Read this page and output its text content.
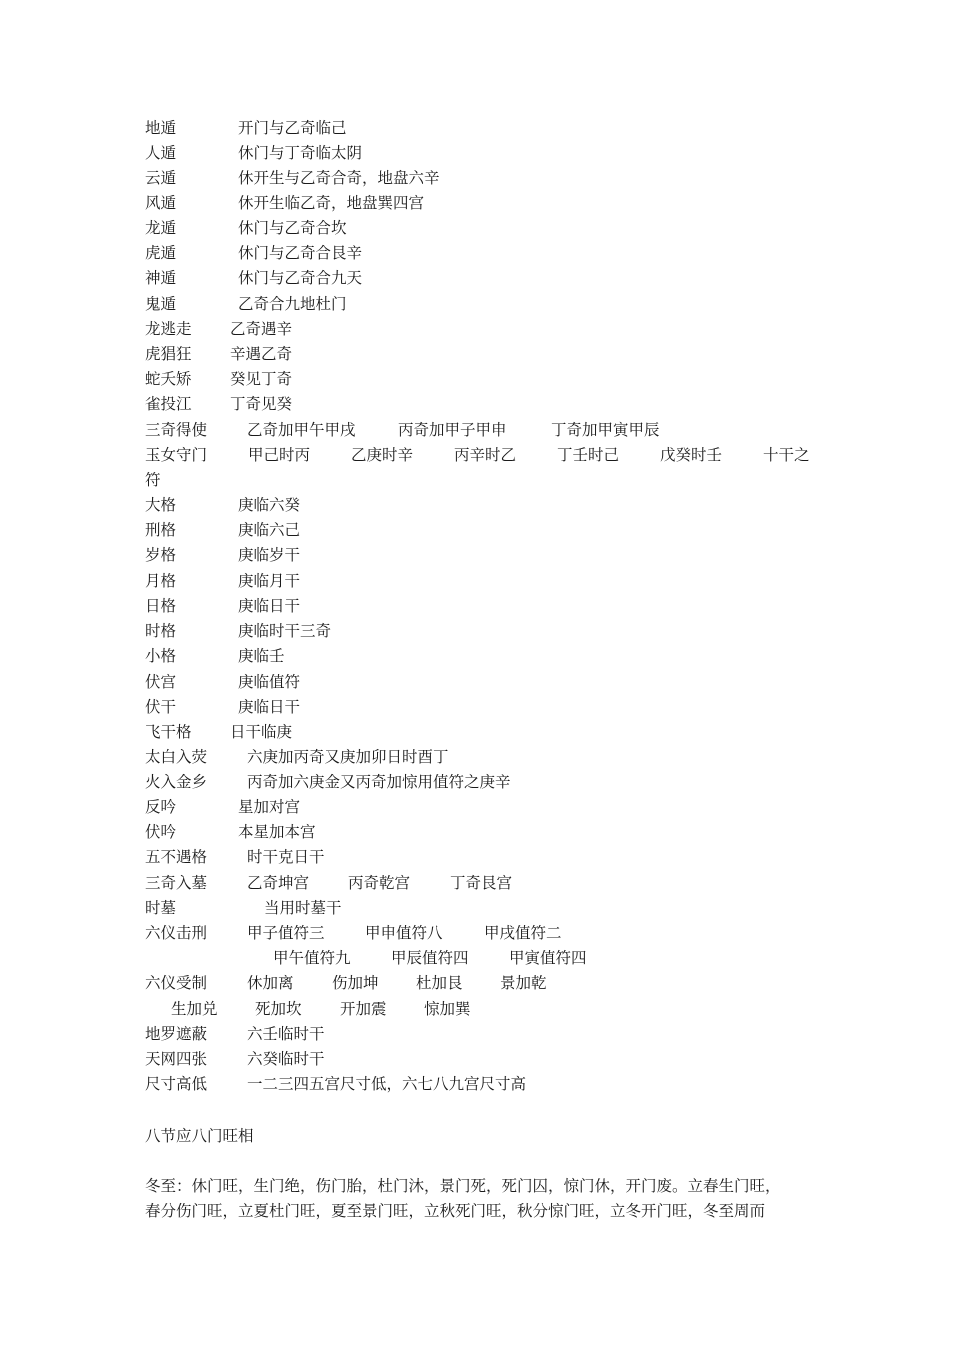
地遁	开门与乙奇临己
人遁	休门与丁奇临太阴
云遁	休开生与乙奇合奇，地盘六辛
风遁	休开生临乙奇，地盘巽四宫
龙遁	休门与乙奇合坎
虎遁	休门与乙奇合艮辛
神遁	休门与乙奇合九天
鬼遁	乙奇合九地杜门
龙逃走 乙奇遇辛
虎猖狂 辛遇乙奇
蛇夭矫 癸见丁奇
雀投江 丁奇见癸
三奇得使	乙奇加甲午甲戌	丙奇加甲子甲申	丁奇加甲寅甲辰
玉女守门	甲己时丙	乙庚时辛	丙辛时乙	丁壬时己	戊癸时壬	十干之
符
大格	庚临六癸
刑格	庚临六己
岁格	庚临岁干
月格	庚临月干
日格	庚临日干
时格	庚临时干三奇
小格	庚临壬
伏宫	庚临值符
伏干	庚临日干
飞干格 日干临庚
太白入荧	六庚加丙奇又庚加卯日时酉丁
火入金乡	丙奇加六庚金又丙奇加惊用值符之庚辛
反吟	星加对宫
伏吟	本星加本宫
五不遇格	时干克日干
三奇入墓	乙奇坤宫	丙奇乾宫	丁奇艮宫
时墓	当用时墓干
六仪击刑	甲子值符三	甲申值符八	甲戌值符二
甲午值符九	甲辰值符四	甲寅值符四
六仪受制	休加离 伤加坤 杜加艮 景加乾
生加兑 死加坎 开加震 惊加巽
地罗遮蔽	六壬临时干
天网四张	六癸临时干
尺寸高低	一二三四五宫尺寸低，六七八九宫尺寸高
八节应八门旺相
冬至：休门旺，生门绝，伤门胎，杜门沐，景门死，死门囚，惊门休，开门废。立春生门旺，
春分伤门旺，立夏杜门旺，夏至景门旺，立秋死门旺，秋分惊门旺，立冬开门旺，冬至周而
